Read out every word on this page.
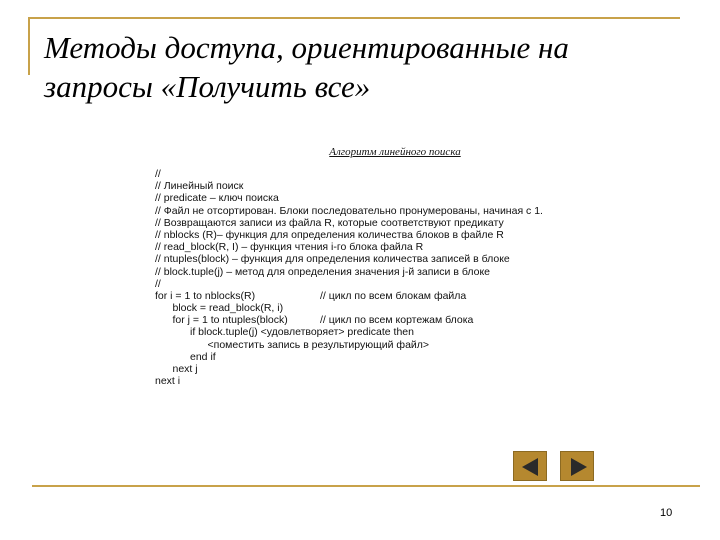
Методы доступа, ориентированные на
запросы «Получить все»
Алгоритм линейного поиска
//
// Линейный поиск
// predicate – ключ поиска
// Файл не отсортирован. Блоки последовательно пронумерованы, начиная с 1.
// Возвращаются записи из файла R, которые соответствуют предикату
// nblocks (R)– функция для определения количества блоков в файле R
// read_block(R, I) – функция чтения i-го блока файла R
// ntuples(block) – функция для определения количества записей в блоке
// block.tuple(j) – метод для определения значения j-й записи в блоке
//
for i = 1 to nblocks(R)	// цикл по всем блокам файла
block = read_block(R, i)
for j = 1 to ntuples(block)	// цикл по всем кортежам блока
if block.tuple(j) <удовлетворяет> predicate then
<поместить запись в результирующий файл>
end if
next j
next i
10
